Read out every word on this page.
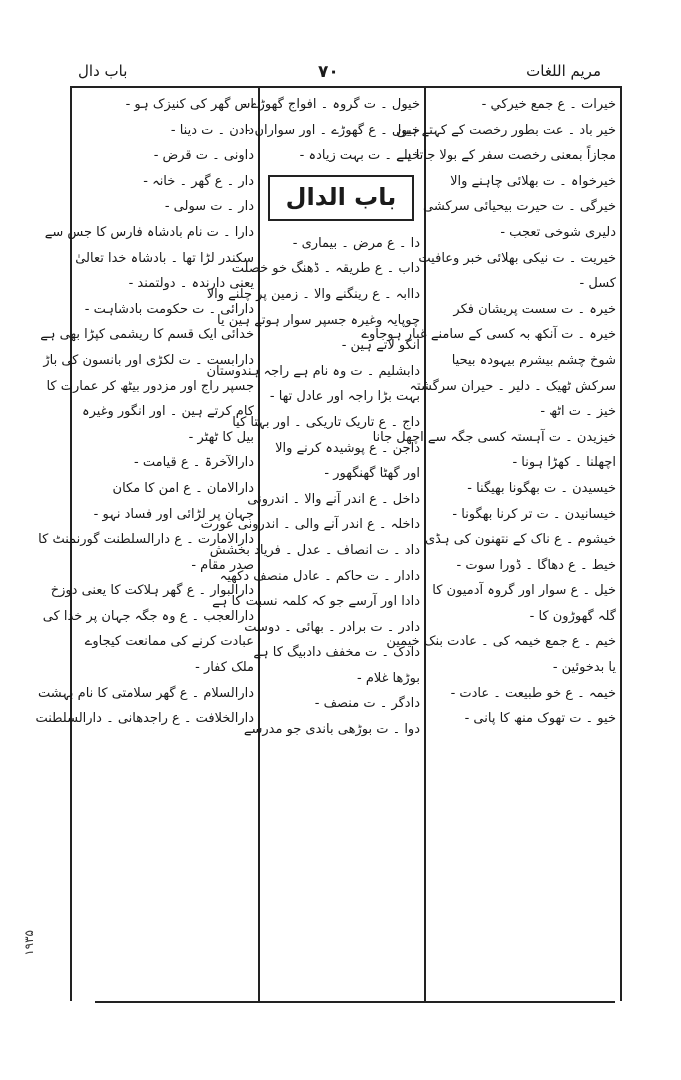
باب دال	۷۰	مريم اللغات
خيرات ۔ ع جمع خيركي -
خير باد ۔ عت بطور رخصت کے کہتے ہين
مجازاً بمعنی رخصت سفر کے بولا جاتا ہے
خيرخواہ ۔ ت بھلائی چاہنے والا
خيرگی ۔ ت حيرت بيحيائی سرکشی
دليری شوخی تعجب -
خيريت ۔ ت نيکی بھلائی خبر وعافيت
کسل -
خيرہ ۔ ت سست پريشان فکر
خيرہ ۔ ت آنکھ بہ کسی کے سامنے غبار ہوجاوے
شوخ چشم بيشرم بيہودہ بيحيا
سرکش ٹھيک ۔ دلير ۔ حيران سرگشتہ
خيز ۔ ت اٹھ -
خيزيدن ۔ ت آہستہ کسی جگہ سے اچھل جانا
اچھلنا ۔ کھڑا ہونا -
خيسيدن ۔ ت بھگونا بھيگنا -
خيسانيدن ۔ ت تر کرنا بھگونا -
خيشوم ۔ ع ناک کے نتھنون کی ہڈی
خيط ۔ ع دھاگا ۔ ڈورا سوت -
خيل ۔ ع سوار اور گروہ آدميون کا
گلہ گھوڑون کا -
خيم ۔ ع جمع خيمہ کی ۔ عادت بنک خيمين
يا بدخوئين -
خيمہ ۔ ع خو طبيعت ۔ عادت -
خيو ۔ ت تھوک منھ کا پانی -
خيول ۔ ت گروہ ۔ افواج گھوڑے -
خيول ۔ ع گھوڑے ۔ اور سواران -
خيلے ۔ ت بہت زيادہ -
باب الدال
دا ۔ ع مرض ۔ بيماری -
داب ۔ ع طريقہ ۔ ڈھنگ خو خصلت
داابہ ۔ ع رينگنے والا ۔ زمين پر چلنے والا
چوپايہ وغيرہ جسپر سوار ہوتے ہين يا
انکو لاتے ہين -
دابشليم ۔ ت وہ نام ہے راجہ ہندوستان
بہت بڑا راجہ اور عادل تھا -
داج ۔ ع تاريک تاريکی ۔ اور بہتا کيا
داجن ۔ ع پوشيدہ کرنے والا
اور گھٹا گھنگھور -
داخل ۔ ع اندر آنے والا ۔ اندرونی
داخلہ ۔ ع اندر آنے والی ۔ اندرونی عورت
داد ۔ ت انصاف ۔ عدل ۔ فرياد بخشش
دادار ۔ ت حاکم ۔ عادل منصف دکھيہ
دادا اور آرسے جو کہ کلمہ نسبت کا ہے
دادر ۔ ت برادر ۔ بھائی ۔ دوست
دادک ۔ ت مخفف دادبيگ کا ہے
بوڑھا غلام -
دادگر ۔ ت منصف -
دوا ۔ ت بوڑھی باندی جو مدرسے
اس گھر کی کنيزک ہو -
دادن ۔ ت دينا -
داونی ۔ ت قرض -
دار ۔ ع گھر ۔ خانہ -
دار ۔ ت سولی -
دارا ۔ ت نام بادشاہ فارس کا جس سے
سکندر لڑا تھا ۔ بادشاہ خدا تعالیٰ
يعنی دارندہ ۔ دولتمند -
دارائی ۔ ت حکومت بادشاہت -
خدائی ايک قسم کا ريشمی کپڑا بھی ہے
دارابست ۔ ت لکڑی اور بانسون کی باڑ
جسپر راج اور مزدور بيٹھ کر عمارت کا
کام کرتے ہين ۔ اور انگور وغيرہ
بيل کا ٹھٹر -
دارالآخرۃ ۔ ع قيامت -
دارالامان ۔ ع امن کا مکان
جہان پر لڑائی اور فساد نہو -
دارالامارت ۔ ع دارالسلطنت گورنمنٹ کا
صدر مقام -
دارالبوار ۔ ع گھر ہلاکت کا يعنی دوزخ
دارالعجب ۔ ع وہ جگہ جہان پر خدا کی
عبادت کرنے کی ممانعت کيجاوے
ملک کفار -
دارالسلام ۔ ع گھر سلامتی کا نام بہشت
دارالخلافت ۔ ع راجدھانی ۔ دارالسلطنت
۱۹۳۵
